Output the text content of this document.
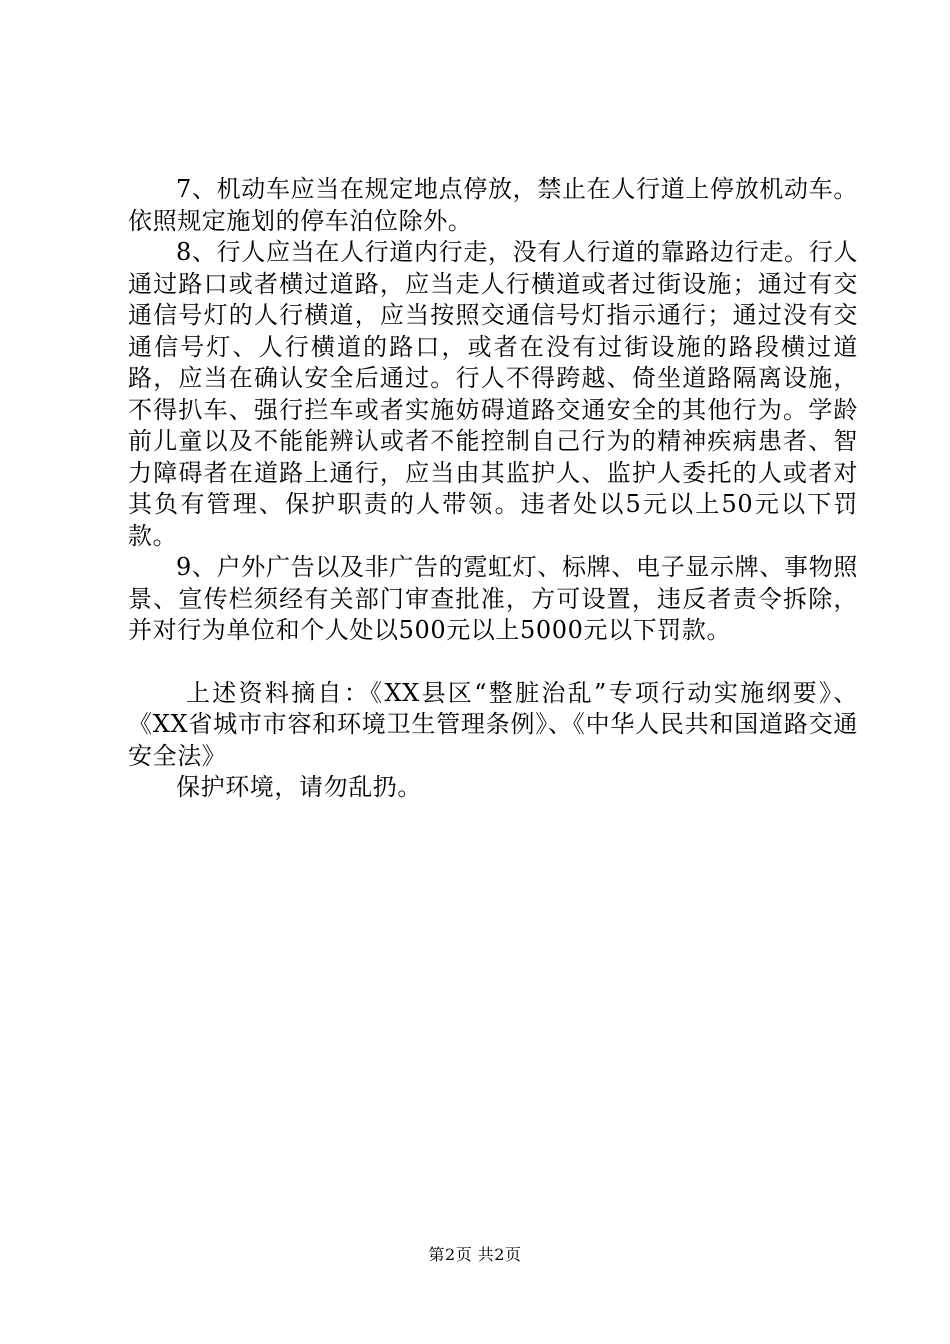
7、机动车应当在规定地点停放，禁止在人行道上停放机动车。依照规定施划的停车泊位除外。

8、行人应当在人行道内行走，没有人行道的靠路边行走。行人通过路口或者横过道路，应当走人行横道或者过街设施；通过有交通信号灯的人行横道，应当按照交通信号灯指示通行；通过没有交通信号灯、人行横道的路口，或者在没有过街设施的路段横过道路，应当在确认安全后通过。行人不得跨越、倚坐道路隔离设施，不得扒车、强行拦车或者实施妨碍道路交通安全的其他行为。学龄前儿童以及不能能辨认或者不能控制自己行为的精神疾病患者、智力障碍者在道路上通行，应当由其监护人、监护人委托的人或者对其负有管理、保护职责的人带领。违者处以5元以上50元以下罚款。

9、户外广告以及非广告的霓虹灯、标牌、电子显示牌、事物照景、宣传栏须经有关部门审查批准，方可设置，违反者责令拆除，并对行为单位和个人处以500元以上5000元以下罚款。

上述资料摘自：《XX县区“整脏治乱”专项行动实施纲要》、《XX省城市市容和环境卫生管理条例》、《中华人民共和国道路交通安全法》

保护环境，请勿乱扔。

第2页 共2页
